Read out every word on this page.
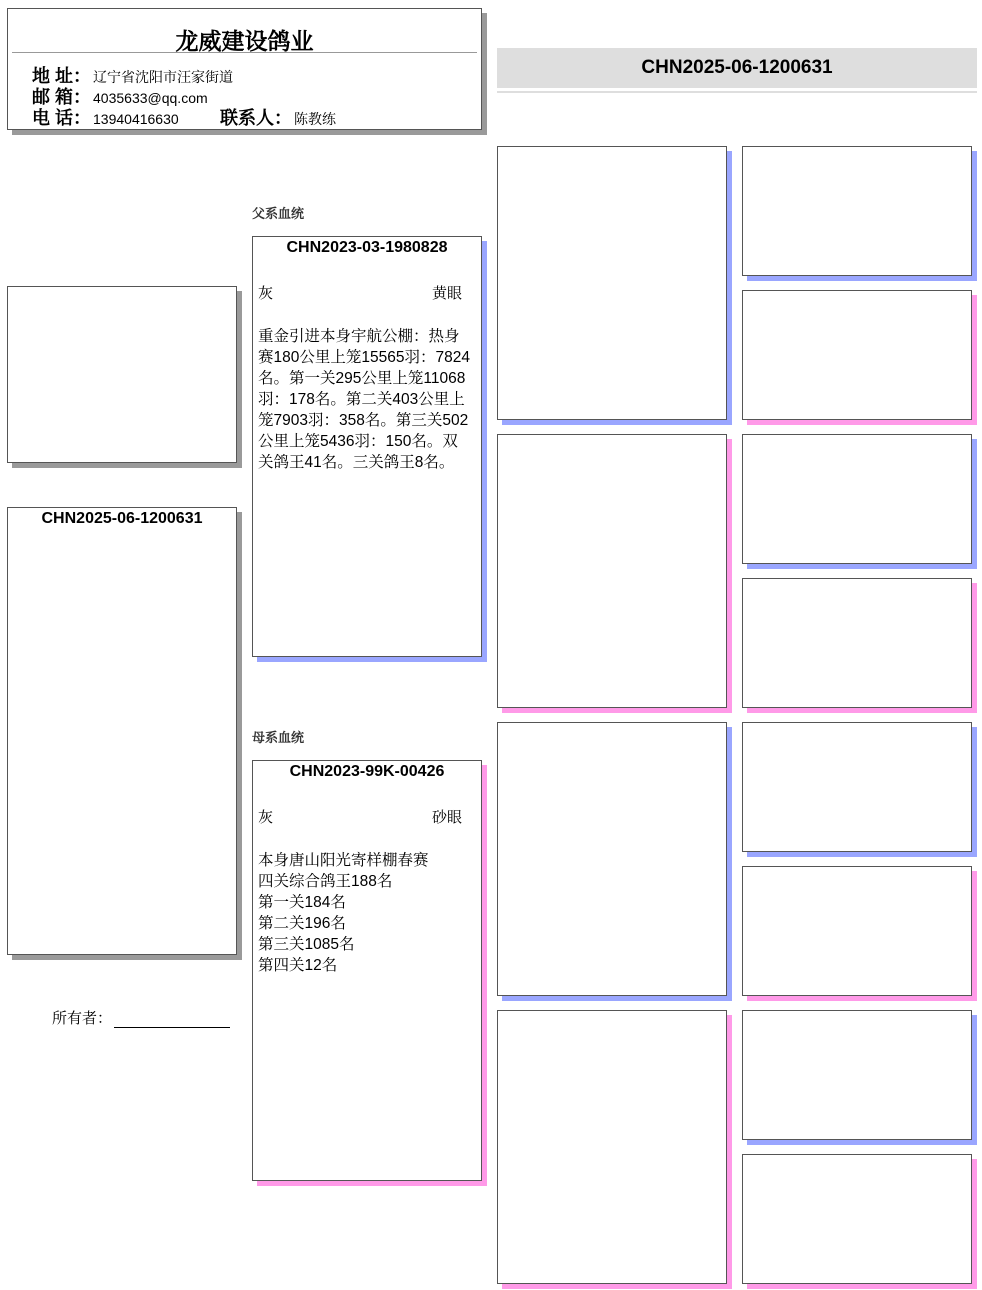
龙威建设鸽业
地 址： 辽宁省沈阳市汪家街道
邮 箱： 4035633@qq.com
电 话： 13940416630 联系人： 陈教练
CHN2025-06-1200631
CHN2025-06-1200631
所有者：
父系血统
CHN2023-03-1980828
灰	黄眼
重金引进本身宇航公棚：热身赛180公里上笼15565羽：7824名。第一关295公里上笼11068羽：178名。第二关403公里上笼7903羽：358名。第三关502公里上笼5436羽：150名。双关鸽王41名。三关鸽王8名。
母系血统
CHN2023-99K-00426
灰	砂眼
本身唐山阳光寄样棚春赛
四关综合鸽王188名
第一关184名
第二关196名
第三关1085名
第四关12名
